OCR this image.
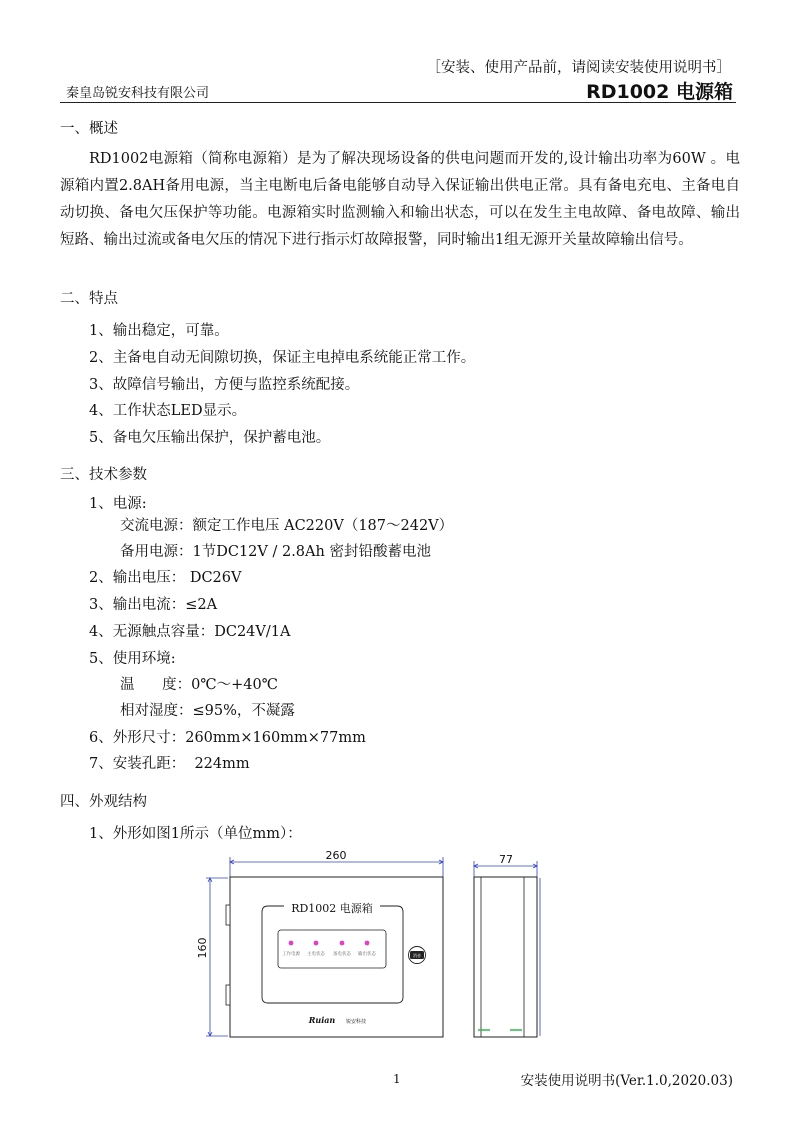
［安装、使用产品前，请阅读安装使用说明书］
秦皇岛锐安科技有限公司	RD1002 电源箱
一、概述

RD1002电源箱（简称电源箱）是为了解决现场设备的供电问题而开发的,设计输出功率为60W 。电源箱内置2.8AH备用电源，当主电断电后备电能够自动导入保证输出供电正常。具有备电充电、主备电自动切换、备电欠压保护等功能。电源箱实时监测输入和输出状态，可以在发生主电故障、备电故障、输出短路、输出过流或备电欠压的情况下进行指示灯故障报警，同时输出1组无源开关量故障输出信号。

二、特点
1、输出稳定，可靠。
2、主备电自动无间隙切换，保证主电掉电系统能正常工作。
3、故障信号输出，方便与监控系统配接。
4、工作状态LED显示。
5、备电欠压输出保护，保护蓄电池。
三、技术参数
1、电源:
交流电源：额定工作电压 AC220V（187～242V）
备用电源：1节DC12V / 2.8Ah 密封铅酸蓄电池
2、输出电压： DC26V
3、输出电流：≤2A
4、无源触点容量：DC24V/1A
5、使用环境:
温      度：0℃～+40℃
相对湿度：≤95%，不凝露
6、外形尺寸：260mm×160mm×77mm
7、安装孔距：  224mm
四、外观结构
1、外形如图1所示（单位mm）：
260
160
RD1002 电源箱
工作电源 主电状态 备电状态 输出状态	消音
Ruian 锐安科技
77
1	安装使用说明书(Ver.1.0,2020.03)
